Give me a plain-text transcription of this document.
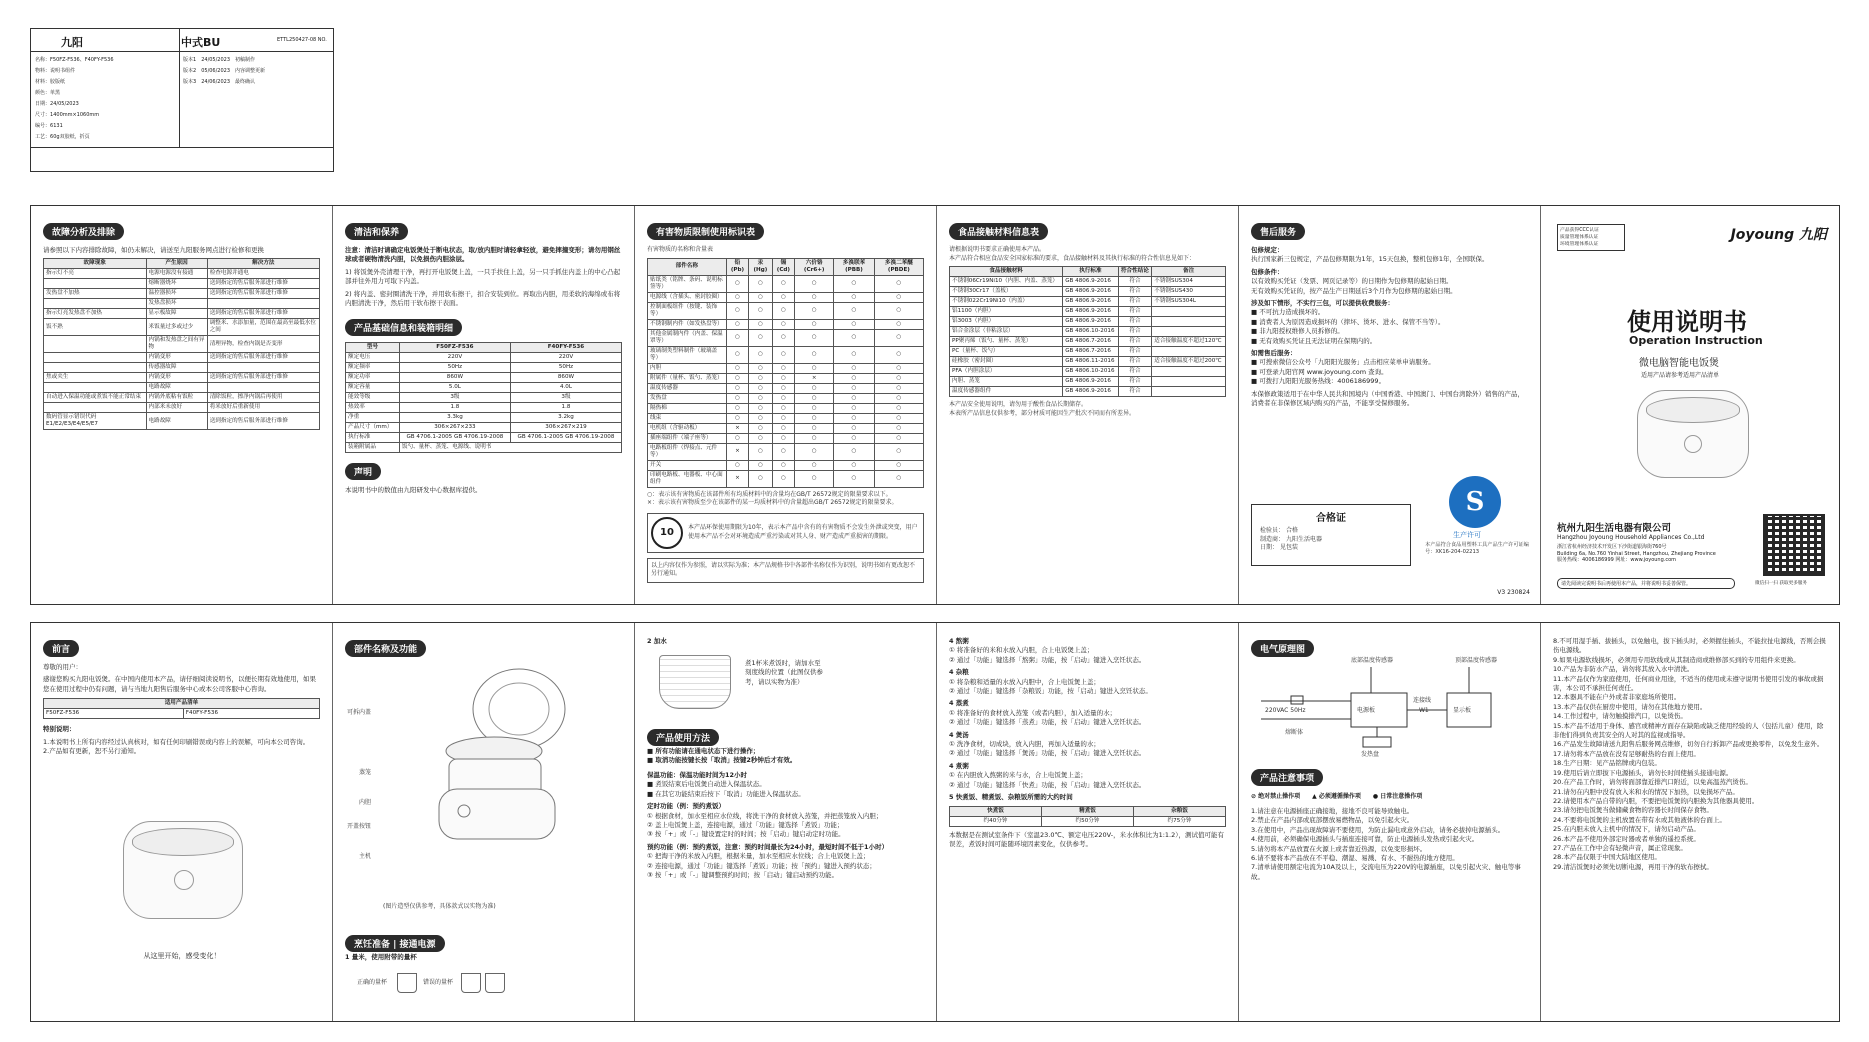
九阳	中式BU	ETTL250427-08 NO.
名称：F50FZ-F536、F40FY-F536
物料：说明书组件
材料：胶版纸
颜色：单黑
日期：24/05/2023
尺寸：1400mm×1060mm
编号：6131
工艺：60g双胶纸，折页
版本1　 24/05/2023　 初稿制作
版本2　 05/06/2023　 内容调整更新
版本3　 24/06/2023　 最终确认
故障分析及排除
请参照以下内容排除故障，如仍未解决，请送至九阳服务网点进行检修和更换
故障现象	产生原因	解决方法
指示灯不亮	电源电源没有接通	检查电源并通电
	熔断器烧坏	送到指定的售后服务部进行维修
发热盘不加热	温控器损坏	送到指定的售后服务部进行维修
	发热盘损坏	
指示灯亮发热盘不加热	显示板故障	送到指定的售后服务部进行维修
饭不熟	米饭量过多或过少	调整米、水添加量，范围在最高至最低水位之间
	内锅和发热盘之间有异物	清理异物，检查内锅是否变形
	内锅变形	送到指定的售后服务部进行维修
	传感器故障	
焦或夹生	内锅变形	送到指定的售后服务部进行维修
	电路故障	
自动进入保温功能或煮饭不能正常结束	内锅外底粘有饭粒	清除饭粒，擦净内锅后再使用
	内部米未放好	将米放好后重新使用
数码管显示错误代码E1/E2/E3/E4/E5/E7	电路故障	送到指定的售后服务部进行维修
清洁和保养
注意：清洁时请确定电饭煲处于断电状态，取/放内胆时请轻拿轻放，避免摔撞变形；请勿用钢丝球或者硬物清洗内胆，以免损伤内胆涂层。
1) 将饭煲外壳清理干净，再打开电饭煲上盖，一只手扶住上盖，另一只手抓住内盖上的中心凸起部并往外用力可取下内盖。
2) 将内盖、密封圈清洗干净，并用软布擦干，扣合安装到位。再取出内胆，用柔软的海绵或布将内胆清洗干净，然后用干软布擦干表面。
产品基础信息和装箱明细
型号	F50FZ-F536	F40FY-F536
额定电压	220V	220V
额定频率	50Hz	50Hz
额定功率	860W	860W
额定容量	5.0L	4.0L
能效等级	3级	3级
热效率	1.8	1.8
净重	3.3kg	3.2kg
产品尺寸（mm）	306×267×233	306×267×219
执行标准	GB 4706.1-2005 GB 4706.19-2008	GB 4706.1-2005 GB 4706.19-2008
装箱附属品	饭勺、量杯、蒸笼、电源线、说明书	
声明
本说明书中的数值由九阳研发中心数据库提供。
有害物质限制使用标识表
有害物质的名称和含量表
部件名称	铅(Pb)	汞(Hg)	镉(Cd)	六价铬(Cr6+)	多溴联苯(PBB)	多溴二苯醚(PBDE)
贴纸类（铭牌、条码、说明标签等）	○	○	○	○	○	○
电源线（含插头、密封胶圈）	○	○	○	○	○	○
控制面板组件（按键、装饰等）	○	○	○	○	○	○
不锈钢制内件（如发热盘等）	○	○	○	○	○	○
其他金属制内件（内盖、保温罩等）	○	○	○	○	○	○
玻璃制类塑料制件（玻璃盖等）	○	○	○	○	○	○
内胆	○	○	○	○	○	○
附属件（量杯、饭勺、蒸笼）	○	○	○	×	○	○
温度传感器	○	○	○	○	○	○
发热盘	○	○	○	○	○	○
隔热棉	○	○	○	○	○	○
线束	○	○	○	○	○	○
电机组（含驱动板）	×	○	○	○	○	○
插座端组件（端子座等）	○	○	○	○	○	○
电路板组件（焊接点、元件等）	×	○	○	○	○	○
开关	○	○	○	○	○	○
印刷电路板、电器板、中心面组件	×	○	○	○	○	○
○：表示该有害物质在该部件所有均质材料中的含量均在GB/T 26572规定的限量要求以下。
×：表示该有害物质至少在该部件的某一均质材料中的含量超出GB/T 26572规定的限量要求。
10 本产品环保使用期限为10年，表示本产品中含有的有害物质不会发生外泄或突变，用户使用本产品不会对环境造成严重污染或对其人身、财产造成严重损害的期限。
以上内容仅作为参照，请以实际为准；本产品规格书中各部件名称仅作为识别，说明书如有更改恕不另行通知。
食品接触材料信息表
请根据说明书要求正确使用本产品。
本产品符合相应食品安全国家标准的要求，食品接触材料及其执行标准的符合性信息见如下：
食品接触材料	执行标准	符合性结论	备注
不锈钢06Cr19Ni10（内胆、内盖、蒸笼）	GB 4806.9-2016	符合	不锈钢SUS304
不锈钢30Cr17（盖板）	GB 4806.9-2016	符合	不锈钢SUS430
不锈钢022Cr19Ni10（内盖）	GB 4806.9-2016	符合	不锈钢SUS304L
铝1100（内胆）	GB 4806.9-2016	符合	
铝3003（内胆）	GB 4806.9-2016	符合	
铝合金涂层（非粘涂层）	GB 4806.10-2016	符合	
PP聚丙烯（饭勺、量杯、蒸笼）	GB 4806.7-2016	符合	适合接触温度不超过120℃
PC（量杯、饭勺）	GB 4806.7-2016	符合	
硅橡胶（密封圈）	GB 4806.11-2016	符合	适合接触温度不超过200℃
PFA（内胆涂层）	GB 4806.10-2016	符合	
内胆、蒸笼	GB 4806.9-2016	符合	
温度传感器组件	GB 4806.9-2016	符合	
本产品安全使用说明，请勿用于酸性食品长期储存。
本表所产品信息仅供参考，部分材质可能因生产批次不同而有所差异。
售后服务
包修规定：
执行国家新三包规定，产品包修期限为1年，15天包换，整机包修1年，全国联保。
包修条件：
以有效购买凭证（发票、网页记录等）的日期作为包修期的起始日期。
无有效购买凭证的，按产品生产日期延后3个月作为包修期的起始日期。
涉及如下情形，不实行三包，可以提供收费服务：
■ 不可抗力造成损坏的。
■ 消费者人为原因造成损坏的（摔坏、烫坏、进水、保管不当等）。
■ 非九阳授权维修人员拆修的。
■ 无有效购买凭证且无法证明在保期内的。
如需售后服务：
■ 可搜索微信公众号「九阳阳光服务」点击相应菜单申请服务。
■ 可登录九阳官网 www.joyoung.com 查询。
■ 可拨打九阳阳光服务热线：4006186999。
本保修政策适用于在中华人民共和国境内（中国香港、中国澳门、中国台湾除外）销售的产品，消费者在非保修区域内购买的产品，不能享受保修服务。
合格证
检验员： 合格
制造商： 九阳生活电器
日期： 见包装
S
生产许可
本产品符合食品用塑料工具产品生产许可证编号：XK16-204-02213
V3 230824
产品获得CCC认证
质量管理体系认证
环境管理体系认证
Joyoung 九阳
使用说明书
Operation Instruction
微电脑智能电饭煲
适用产品请参考适用产品清单
杭州九阳生活电器有限公司
Hangzhou Joyoung Household Appliances Co.,Ltd
浙江省杭州经济技术开发区下沙街道银海街760号
Building 6a, No.760 Yinhai Street, Hangzhou, Zhejiang Province
服务热线：4006186999 网址：www.joyoung.com
请先阅读完说明书后再使用本产品，并将说明书妥善保管。	微信扫一扫 获取更多服务
前言
尊敬的用户：
感谢您购买九阳电饭煲。在中国内使用本产品，请仔细阅读说明书，以便长期有效地使用，如果您在使用过程中仍有问题，请与当地九阳售后服务中心或本公司客服中心咨询。
适用产品清单
F50FZ-F536	F40FY-F536
特别说明：
1.本说明书上所有内容经过认真核对，如有任何印刷错误或内容上的误解，可向本公司咨询。
2.产品如有更新，恕不另行通知。
从这里开始，感受变化！
部件名称及功能
可拆内盖
蒸笼
内胆
开盖按钮
主机
(图片造型仅供参考，具体款式以实物为准)
烹饪准备 | 接通电源
1 量米，使用附带的量杯
正确的量杯	错误的量杯
2 加水
煮1杯米煮饭时，请加水至刻度线的位置（此图仅供参考，请以实物为准）
产品使用方法
■ 所有功能请在通电状态下进行操作；
■ 取消功能按键长按「取消」按键2秒钟后才有效。
保温功能：保温功能时间为12小时
■ 煮饭结束后电饭煲自动进入保温状态。
■ 在其它功能结束后按下「取消」功能进入保温状态。
定时功能（例：预约煮饭）
① 根据食材，加水至相应水位线，将洗干净的食材放入蒸笼，并把蒸笼放入内胆；
② 盖上电饭煲上盖，连接电源，通过「功能」键选择「煮饭」功能；
③ 按「+」或「-」键设置定时的时间；按「启动」键启动定时功能。
预约功能（例：预约煮饭，注意：预约时间最长为24小时，最短时间不低于1小时）
① 把淘干净的米放入内胆，根据米量，加水至相应水位线；合上电饭煲上盖；
② 连接电源，通过「功能」键选择「煮饭」功能；按「预约」键进入预约状态；
③ 按「+」或「-」键调整预约时间；按「启动」键启动预约功能。
4 熬粥
① 将准备好的米和水放入内胆，合上电饭煲上盖；
② 通过「功能」键选择「熬粥」功能，按「启动」键进入烹饪状态。
4 杂粮
① 将杂粮和适量的水放入内胆中，合上电饭煲上盖；
② 通过「功能」键选择「杂粮饭」功能，按「启动」键进入烹饪状态。
4 蒸煮
① 将准备好的食材放入蒸笼（或者内胆），加入适量的水；
② 通过「功能」键选择「蒸煮」功能，按「启动」键进入烹饪状态。
4 煲汤
① 洗净食材，切成块，放入内胆，再加入适量的水；
② 通过「功能」键选择「煲汤」功能，按「启动」键进入烹饪状态。
4 煮粥
① 在内胆放入熬粥的米与水，合上电饭煲上盖；
② 通过「功能」键选择「快煮」功能，按「启动」键进入烹饪状态。
5 快煮饭、精煮饭、杂粮饭所需的大约时间
快煮饭	精煮饭	杂粮饭
约40分钟	约50分钟	约75分钟
本数据是在测试室条件下（室温23.0℃、额定电压220V-，米水体积比为1:1.2），测试值可能有误差，煮饭时间可能随环境因素变化，仅供参考。
电气原理图
底部温度传感器	顶部温度传感器
220VAC 50Hz	电源板	显示板
连接线
熔断体
发热盘
W1
产品注意事项
⊘ 绝对禁止操作项 ▲ 必须遵循操作项 ● 日常注意操作项
1.请注意在电源插座正确接地，接地不良可能导致触电。
2.禁止在产品内部或底部摆放易燃物品，以免引起火灾。
3.在使用中，产品出现故障请不要使用，为防止漏电或意外启动，请务必拔掉电源插头。
4.使用前，必须确保电源插头与插座连接可靠，防止电源插头发热或引起火灾。
5.请勿将本产品放置在火源上或者靠近热源，以免变形损坏。
6.请不要将本产品放在不平稳、潮湿、易溅、有水、不耐热的地方使用。
7.清单请使用额定电流为10A及以上，交流电压为220V的电源插座，以免引起火灾、触电等事故。
8.不可用湿手插、拔插头，以免触电，拔下插头时，必须握住插头，不能拉扯电源线，否则会损伤电源线。
9.如果电源软线损坏，必须用专用软线或从其制造商或维修部买到的专用组件来更换。
10.产品为非防水产品，请勿将其放入水中清洗。
11.本产品仅作为家庭使用，任何商业用途，不适当的使用或未遵守说明书使用引发的事故或损害，本公司不承担任何责任。
12.本器具不能在户外或者非家庭场所使用。
13.本产品仅供在厨房中使用，请勿在其他地方使用。
14.工作过程中，请勿触摸排汽口，以免烫伤。
15.本产品不适用于身体、感官或精神方面存在缺陷或缺乏使用经验的人（包括儿童）使用，除非他们得到负责其安全的人对其的监视或指导。
16.产品发生故障请送九阳售后服务网点维修，切勿自行拆卸产品或更换零件，以免发生意外。
17.请勿将本产品放在没有足够耐热的台面上使用。
18.生产日期：见产品铭牌或内包装。
19.使用后请立即拔下电源插头，请勿长时间使插头接通电源。
20.在产品工作时，请勿将面部靠近排汽口附近，以免高温蒸汽烫伤。
21.请勿在内胆中没有放入米和水的情况下加热，以免损坏产品。
22.请使用本产品自带的内胆，不要把电饭煲的内胆换为其他器具使用。
23.请勿把电饭煲当做储藏食物的容器长时间保存食物。
24.不要将电饭煲的主机放置在带有水或其他液体的台面上。
25.在内胆未放入主机中的情况下，请勿启动产品。
26.本产品不使用外部定时器或者单独的遥控系统。
27.产品在工作中会有轻微声音，属正常现象。
28.本产品仅限于中国大陆地区使用。
29.清洁饭煲时必须先切断电源，再用干净的软布擦拭。
